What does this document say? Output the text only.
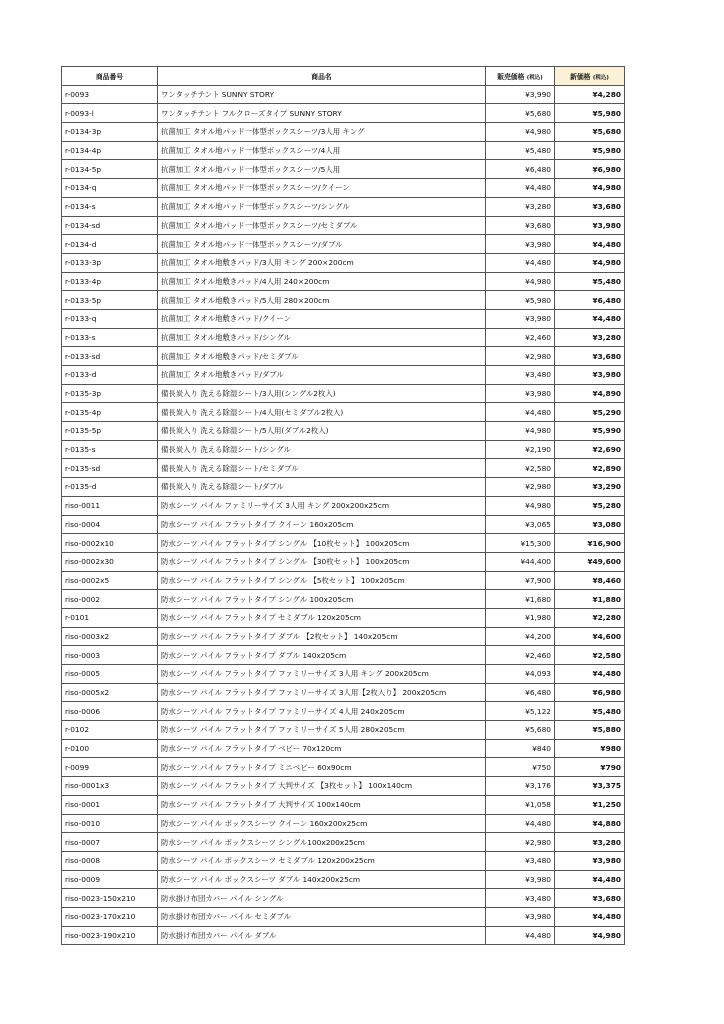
商品番号	商品名	販売価格 (税込)	新価格 (税込)
r-0093	ワンタッチテント SUNNY STORY	¥3,990	¥4,280
r-0093-l	ワンタッチテント フルクローズタイプ SUNNY STORY	¥5,680	¥5,980
r-0134-3p	抗菌加工 タオル地パッド一体型ボックスシーツ/3人用 キング	¥4,980	¥5,680
r-0134-4p	抗菌加工 タオル地パッド一体型ボックスシーツ/4人用	¥5,480	¥5,980
r-0134-5p	抗菌加工 タオル地パッド一体型ボックスシーツ/5人用	¥6,480	¥6,980
r-0134-q	抗菌加工 タオル地パッド一体型ボックスシーツ/クイーン	¥4,480	¥4,980
r-0134-s	抗菌加工 タオル地パッド一体型ボックスシーツ/シングル	¥3,280	¥3,680
r-0134-sd	抗菌加工 タオル地パッド一体型ボックスシーツ/セミダブル	¥3,680	¥3,980
r-0134-d	抗菌加工 タオル地パッド一体型ボックスシーツ/ダブル	¥3,980	¥4,480
r-0133-3p	抗菌加工 タオル地敷きパッド/3人用 キング 200×200cm	¥4,480	¥4,980
r-0133-4p	抗菌加工 タオル地敷きパッド/4人用 240×200cm	¥4,980	¥5,480
r-0133-5p	抗菌加工 タオル地敷きパッド/5人用 280×200cm	¥5,980	¥6,480
r-0133-q	抗菌加工 タオル地敷きパッド/クイーン	¥3,980	¥4,480
r-0133-s	抗菌加工 タオル地敷きパッド/シングル	¥2,460	¥3,280
r-0133-sd	抗菌加工 タオル地敷きパッド/セミダブル	¥2,980	¥3,680
r-0133-d	抗菌加工 タオル地敷きパッド/ダブル	¥3,480	¥3,980
r-0135-3p	備長炭入り 洗える除湿シート/3人用(シングル2枚入)	¥3,980	¥4,890
r-0135-4p	備長炭入り 洗える除湿シート/4人用(セミダブル2枚入)	¥4,480	¥5,290
r-0135-5p	備長炭入り 洗える除湿シート/5人用(ダブル2枚入)	¥4,980	¥5,990
r-0135-s	備長炭入り 洗える除湿シート/シングル	¥2,190	¥2,690
r-0135-sd	備長炭入り 洗える除湿シート/セミダブル	¥2,580	¥2,890
r-0135-d	備長炭入り 洗える除湿シート/ダブル	¥2,980	¥3,290
riso-0011	防水シーツ パイル ファミリーサイズ 3人用 キング 200x200x25cm	¥4,980	¥5,280
riso-0004	防水シーツ パイル フラットタイプ クイーン 160x205cm	¥3,065	¥3,080
riso-0002x10	防水シーツ パイル フラットタイプ シングル 【10枚セット】 100x205cm	¥15,300	¥16,900
riso-0002x30	防水シーツ パイル フラットタイプ シングル 【30枚セット】 100x205cm	¥44,400	¥49,600
riso-0002x5	防水シーツ パイル フラットタイプ シングル 【5枚セット】 100x205cm	¥7,900	¥8,460
riso-0002	防水シーツ パイル フラットタイプ シングル 100x205cm	¥1,680	¥1,880
r-0101	防水シーツ パイル フラットタイプ セミダブル 120x205cm	¥1,980	¥2,280
riso-0003x2	防水シーツ パイル フラットタイプ ダブル 【2枚セット】 140x205cm	¥4,200	¥4,600
riso-0003	防水シーツ パイル フラットタイプ ダブル 140x205cm	¥2,460	¥2,580
riso-0005	防水シーツ パイル フラットタイプ ファミリーサイズ 3人用 キング 200x205cm	¥4,093	¥4,480
riso-0005x2	防水シーツ パイル フラットタイプ ファミリーサイズ 3人用【2枚入り】 200x205cm	¥6,480	¥6,980
riso-0006	防水シーツ パイル フラットタイプ ファミリーサイズ 4人用 240x205cm	¥5,122	¥5,480
r-0102	防水シーツ パイル フラットタイプ ファミリーサイズ 5人用 280x205cm	¥5,680	¥5,880
r-0100	防水シーツ パイル フラットタイプ ベビー 70x120cm	¥840	¥980
r-0099	防水シーツ パイル フラットタイプ ミニベビー 60x90cm	¥750	¥790
riso-0001x3	防水シーツ パイル フラットタイプ 大判サイズ 【3枚セット】 100x140cm	¥3,176	¥3,375
riso-0001	防水シーツ パイル フラットタイプ 大判サイズ 100x140cm	¥1,058	¥1,250
riso-0010	防水シーツ パイル ボックスシーツ クイーン 160x200x25cm	¥4,480	¥4,880
riso-0007	防水シーツ パイル ボックスシーツ シングル100x200x25cm	¥2,980	¥3,280
riso-0008	防水シーツ パイル ボックスシーツ セミダブル 120x200x25cm	¥3,480	¥3,980
riso-0009	防水シーツ パイル ボックスシーツ ダブル 140x200x25cm	¥3,980	¥4,480
riso-0023-150x210	防水掛け布団カバー パイル シングル	¥3,480	¥3,680
riso-0023-170x210	防水掛け布団カバー パイル セミダブル	¥3,980	¥4,480
riso-0023-190x210	防水掛け布団カバー パイル ダブル	¥4,480	¥4,980
